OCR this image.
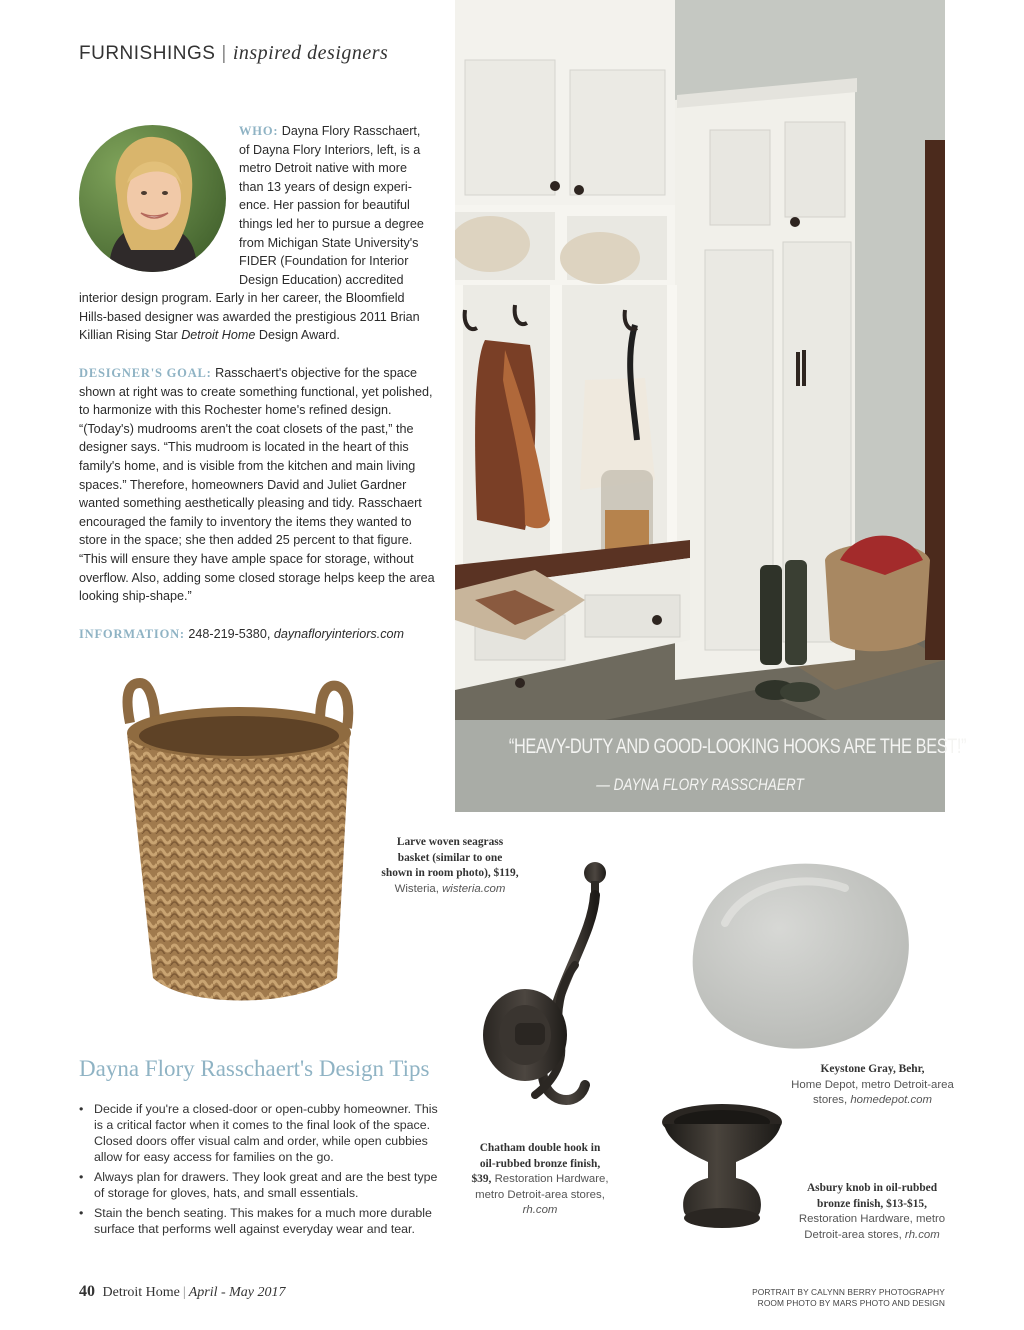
FURNISHINGS | inspired designers
WHO: Dayna Flory Rasschaert,
of Dayna Flory Interiors, left, is a
metro Detroit native with more
than 13 years of design experi-
ence. Her passion for beautiful
things led her to pursue a degree
from Michigan State University's
FIDER (Foundation for Interior
Design Education) accredited
interior design program. Early in her career, the Bloomfield
Hills-based designer was awarded the prestigious 2011 Brian
Killian Rising Star Detroit Home Design Award.
DESIGNER'S GOAL: Rasschaert's objective for the space shown at right was to create something functional, yet polished, to harmonize with this Rochester home's refined design. “(Today's) mudrooms aren't the coat closets of the past,” the designer says. “This mudroom is located in the heart of this family's home, and is visible from the kitchen and main living spaces.” Therefore, homeowners David and Juliet Gardner wanted something aesthetically pleasing and tidy. Rasschaert encouraged the family to inventory the items they wanted to store in the space; she then added 25 percent to that figure. “This will ensure they have ample space for storage, without overflow. Also, adding some closed storage helps keep the area looking ship-shape.”
INFORMATION: 248-219-5380, daynafloryinteriors.com
“HEAVY-DUTY AND GOOD-LOOKING HOOKS ARE THE BEST!”
— DAYNA FLORY RASSCHAERT
Larve woven seagrass
basket (similar to one
shown in room photo), $119,
Wisteria, wisteria.com
Chatham double hook in
oil-rubbed bronze finish,
$39, Restoration Hardware,
metro Detroit-area stores,
rh.com
Keystone Gray, Behr,
Home Depot, metro Detroit-area
stores, homedepot.com
Asbury knob in oil-rubbed
bronze finish, $13-$15,
Restoration Hardware, metro
Detroit-area stores, rh.com
Dayna Flory Rasschaert's Design Tips
• Decide if you're a closed-door or open-cubby homeowner. This is a critical factor when it comes to the final look of the space. Closed doors offer visual calm and order, while open cubbies allow for easy access for families on the go.
• Always plan for drawers. They look great and are the best type of storage for gloves, hats, and small essentials.
• Stain the bench seating. This makes for a much more durable surface that performs well against everyday wear and tear.
40 Detroit Home | April - May 2017	PORTRAIT BY CALYNN BERRY PHOTOGRAPHY
ROOM PHOTO BY MARS PHOTO AND DESIGN
